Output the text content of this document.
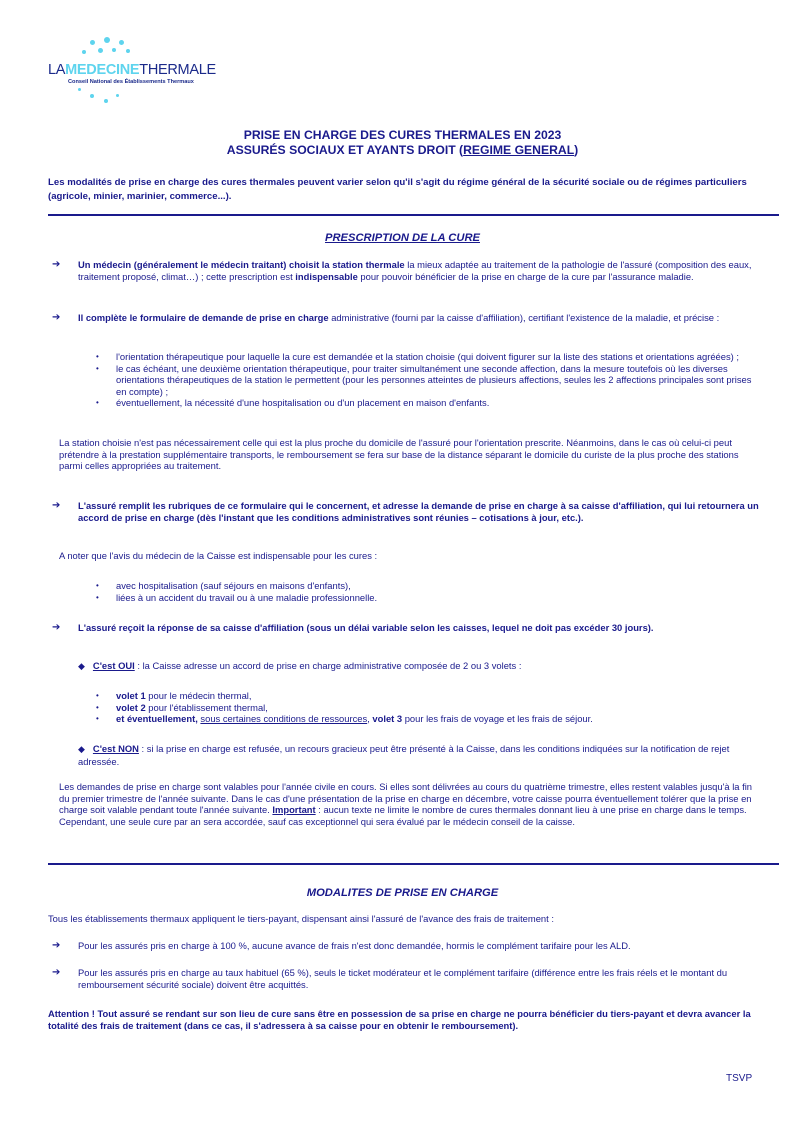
LAMEDECINETHERMALE
Conseil National des Établissements Thermaux
PRISE EN CHARGE DES CURES THERMALES EN 2023
ASSURÉS SOCIAUX ET AYANTS DROIT (REGIME GENERAL)
Les modalités de prise en charge des cures thermales peuvent varier selon qu'il s'agit du régime général de la sécurité sociale ou de régimes particuliers (agricole, minier, marinier, commerce...).
PRESCRIPTION DE LA CURE
➔ Un médecin (généralement le médecin traitant) choisit la station thermale la mieux adaptée au traitement de la pathologie de l'assuré (composition des eaux, traitement proposé, climat…) ; cette prescription est indispensable pour pouvoir bénéficier de la prise en charge de la cure par l'assurance maladie.
➔ Il complète le formulaire de demande de prise en charge administrative (fourni par la caisse d'affiliation), certifiant l'existence de la maladie, et précise :
• l'orientation thérapeutique pour laquelle la cure est demandée et la station choisie (qui doivent figurer sur la liste des stations et orientations agréées) ;
• le cas échéant, une deuxième orientation thérapeutique, pour traiter simultanément une seconde affection, dans la mesure toutefois où les diverses orientations thérapeutiques de la station le permettent (pour les personnes atteintes de plusieurs affections, seules les 2 affections principales sont prises en compte) ;
• éventuellement, la nécessité d'une hospitalisation ou d'un placement en maison d'enfants.
La station choisie n'est pas nécessairement celle qui est la plus proche du domicile de l'assuré pour l'orientation prescrite. Néanmoins, dans le cas où celui-ci peut prétendre à la prestation supplémentaire transports, le remboursement se fera sur base de la distance séparant le domicile du curiste de la plus proche des stations parmi celles appropriées au traitement.
➔ L'assuré remplit les rubriques de ce formulaire qui le concernent, et adresse la demande de prise en charge à sa caisse d'affiliation, qui lui retournera un accord de prise en charge (dès l'instant que les conditions administratives sont réunies – cotisations à jour, etc.).
A noter que l'avis du médecin de la Caisse est indispensable pour les cures :
• avec hospitalisation (sauf séjours en maisons d'enfants),
• liées à un accident du travail ou à une maladie professionnelle.
➔ L'assuré reçoit la réponse de sa caisse d'affiliation (sous un délai variable selon les caisses, lequel ne doit pas excéder 30 jours).
◆ C'est OUI : la Caisse adresse un accord de prise en charge administrative composée de 2 ou 3 volets :
• volet 1 pour le médecin thermal,
• volet 2 pour l'établissement thermal,
• et éventuellement, sous certaines conditions de ressources, volet 3 pour les frais de voyage et les frais de séjour.
◆ C'est NON : si la prise en charge est refusée, un recours gracieux peut être présenté à la Caisse, dans les conditions indiquées sur la notification de rejet adressée.
Les demandes de prise en charge sont valables pour l'année civile en cours. Si elles sont délivrées au cours du quatrième trimestre, elles restent valables jusqu'à la fin du premier trimestre de l'année suivante. Dans le cas d'une présentation de la prise en charge en décembre, votre caisse pourra éventuellement tolérer que la prise en charge soit valable pendant toute l'année suivante. Important : aucun texte ne limite le nombre de cures thermales donnant lieu à une prise en charge dans le temps. Cependant, une seule cure par an sera accordée, sauf cas exceptionnel qui sera évalué par le médecin conseil de la caisse.
MODALITES DE PRISE EN CHARGE
Tous les établissements thermaux appliquent le tiers-payant, dispensant ainsi l'assuré de l'avance des frais de traitement :
➔ Pour les assurés pris en charge à 100 %, aucune avance de frais n'est donc demandée, hormis le complément tarifaire pour les ALD.
➔ Pour les assurés pris en charge au taux habituel (65 %), seuls le ticket modérateur et le complément tarifaire (différence entre les frais réels et le montant du remboursement sécurité sociale) doivent être acquittés.
Attention ! Tout assuré se rendant sur son lieu de cure sans être en possession de sa prise en charge ne pourra bénéficier du tiers-payant et devra avancer la totalité des frais de traitement (dans ce cas, il s'adressera à sa caisse pour en obtenir le remboursement).
TSVP
